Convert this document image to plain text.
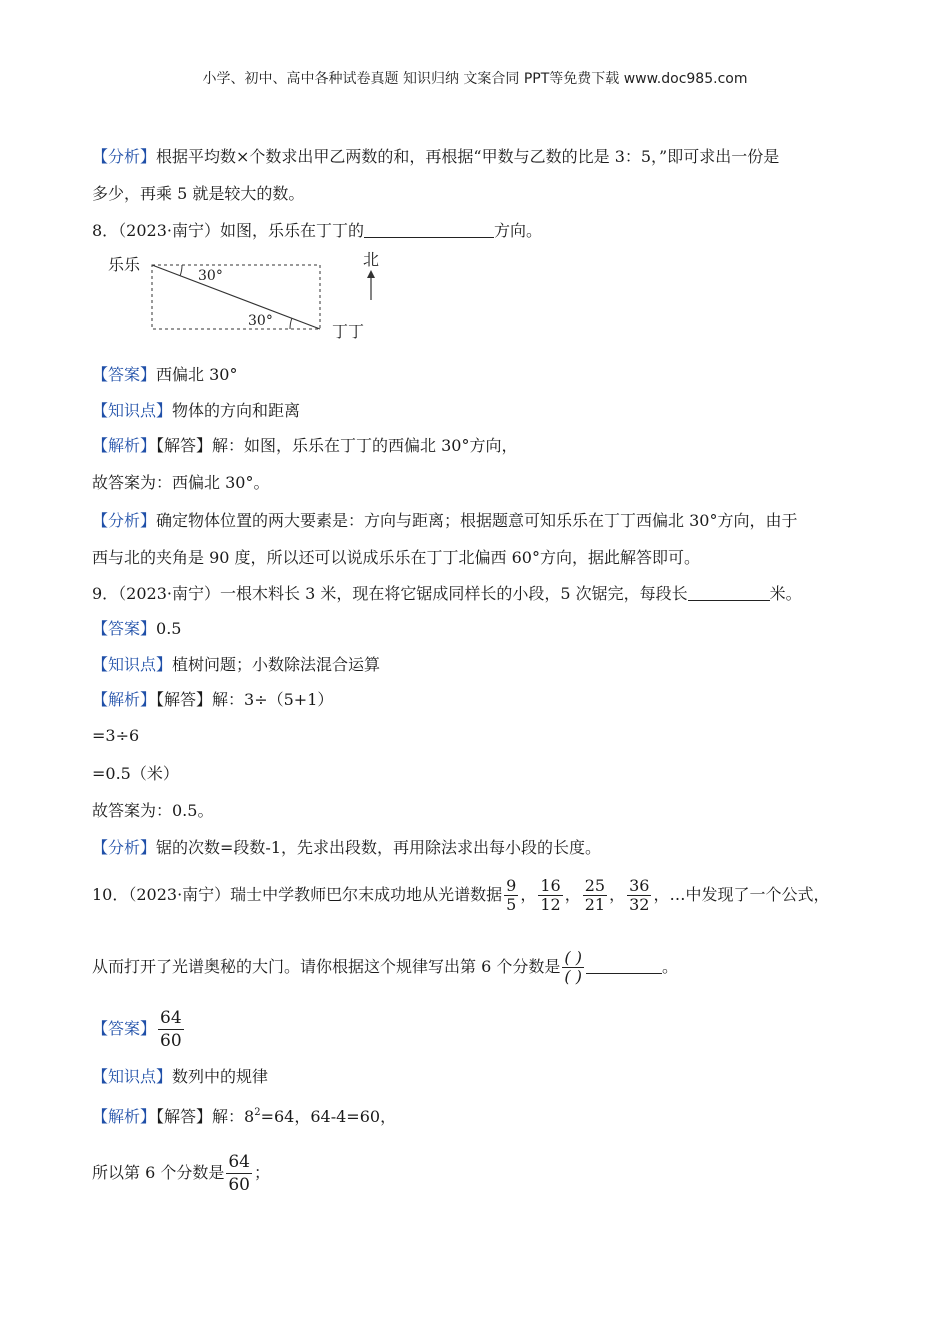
小学、初中、高中各种试卷真题 知识归纳 文案合同 PPT等免费下载 www.doc985.com
【分析】根据平均数×个数求出甲乙两数的和，再根据“甲数与乙数的比是 3：5，”即可求出一份是
多少，再乘 5 就是较大的数。
8．（2023·南宁）如图，乐乐在丁丁的	方向。
乐乐
30°
30°
丁丁
北
【答案】西偏北 30°
【知识点】物体的方向和距离
【解析】【解答】解：如图，乐乐在丁丁的西偏北 30°方向，
故答案为：西偏北 30°。
【分析】确定物体位置的两大要素是：方向与距离；根据题意可知乐乐在丁丁西偏北 30°方向，由于
西与北的夹角是 90 度，所以还可以说成乐乐在丁丁北偏西 60°方向，据此解答即可。
9．（2023·南宁）一根木料长 3 米，现在将它锯成同样长的小段，5 次锯完，每段长	米。
【答案】0.5
【知识点】植树问题；小数除法混合运算
【解析】【解答】解：3÷（5+1）
=3÷6
=0.5（米）
故答案为：0.5。
【分析】锯的次数=段数-1，先求出段数，再用除法求出每小段的长度。
10．（2023·南宁）瑞士中学教师巴尔末成功地从光谱数据 $\frac{9}{5}$ ， $\frac{16}{12}$ ， $\frac{25}{21}$ ， $\frac{36}{32}$ ，…中发现了一个公式，
从而打开了光谱奥秘的大门。请你根据这个规律写出第 6 个分数是 $\frac{( )}{( )}$	。
【答案】 $\frac{64}{60}$
【知识点】数列中的规律
【解析】【解答】解：$8^2=64$，64-4=60，
所以第 6 个分数是 $\frac{64}{60}$ ；
